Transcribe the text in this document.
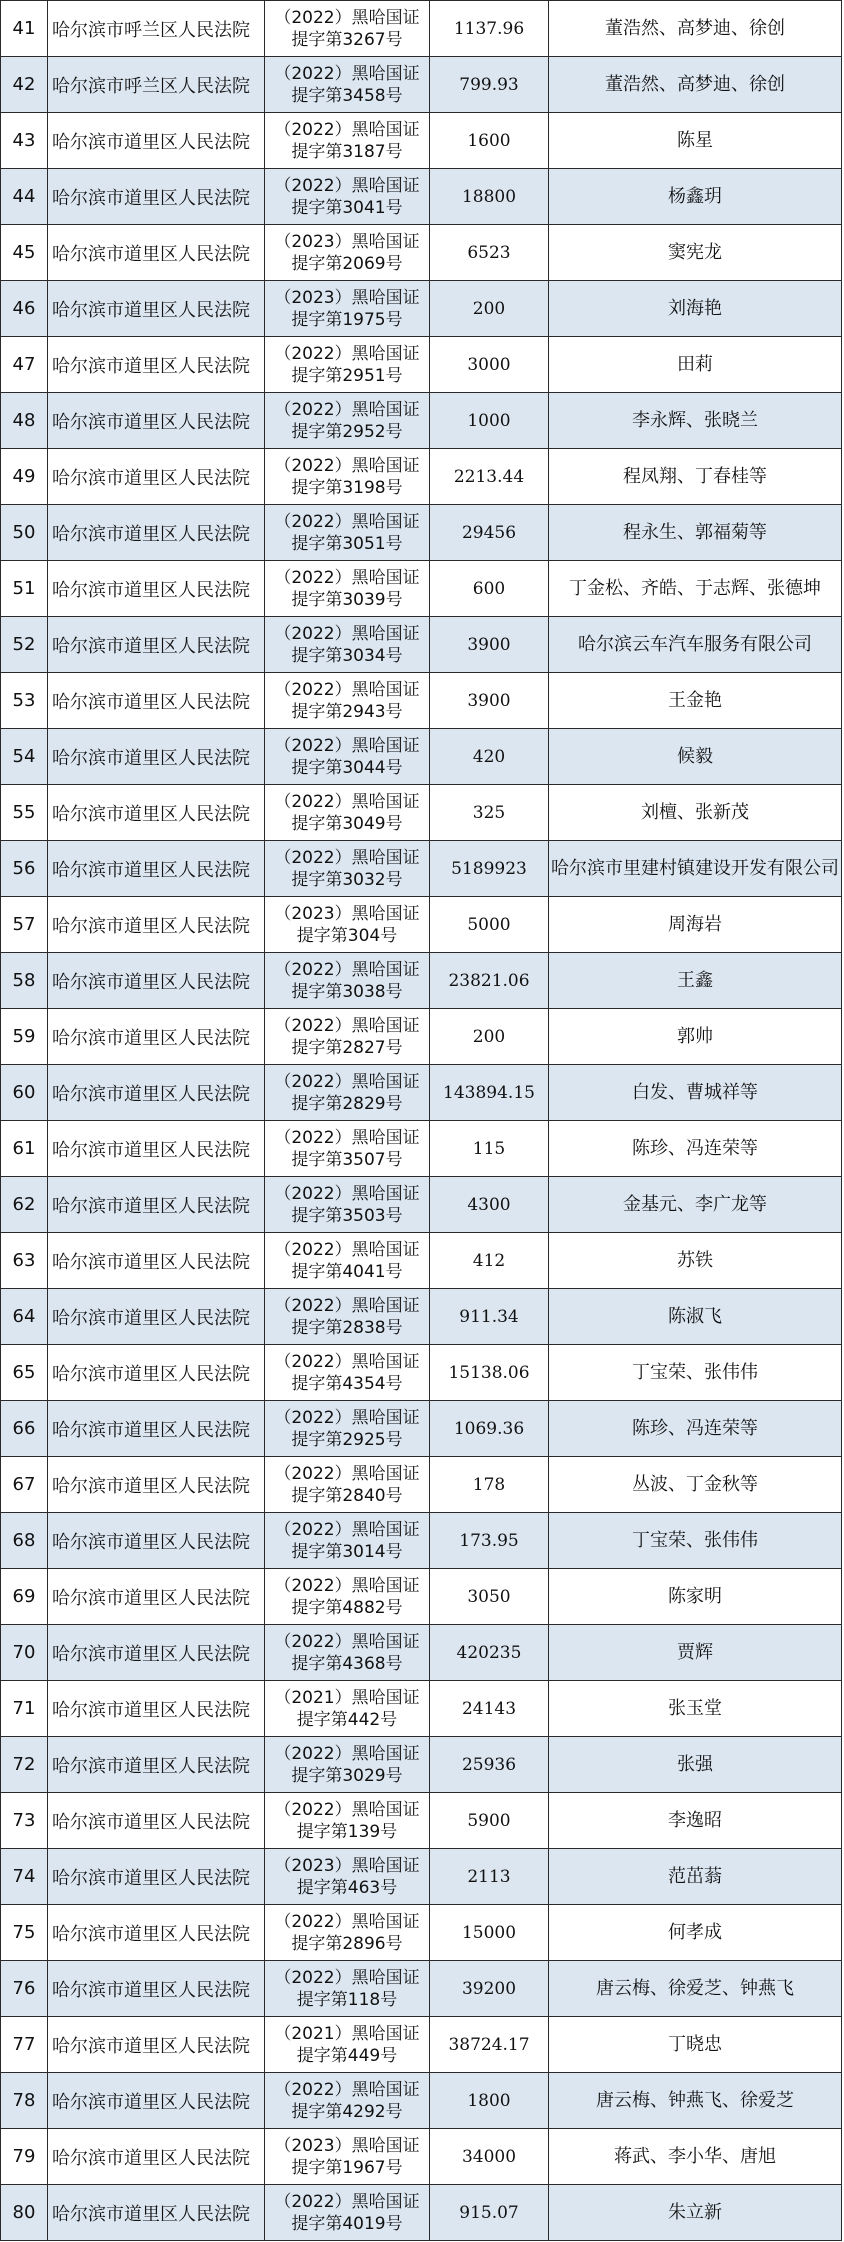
41	哈尔滨市呼兰区人民法院	（2022）黑哈国证
提字第3267号	1137.96	董浩然、高梦迪、徐创
42	哈尔滨市呼兰区人民法院	（2022）黑哈国证
提字第3458号	799.93	董浩然、高梦迪、徐创
43	哈尔滨市道里区人民法院	（2022）黑哈国证
提字第3187号	1600	陈星
44	哈尔滨市道里区人民法院	（2022）黑哈国证
提字第3041号	18800	杨鑫玥
45	哈尔滨市道里区人民法院	（2023）黑哈国证
提字第2069号	6523	窦宪龙
46	哈尔滨市道里区人民法院	（2023）黑哈国证
提字第1975号	200	刘海艳
47	哈尔滨市道里区人民法院	（2022）黑哈国证
提字第2951号	3000	田莉
48	哈尔滨市道里区人民法院	（2022）黑哈国证
提字第2952号	1000	李永辉、张晓兰
49	哈尔滨市道里区人民法院	（2022）黑哈国证
提字第3198号	2213.44	程凤翔、丁春桂等
50	哈尔滨市道里区人民法院	（2022）黑哈国证
提字第3051号	29456	程永生、郭福菊等
51	哈尔滨市道里区人民法院	（2022）黑哈国证
提字第3039号	600	丁金松、齐皓、于志辉、张德坤
52	哈尔滨市道里区人民法院	（2022）黑哈国证
提字第3034号	3900	哈尔滨云车汽车服务有限公司
53	哈尔滨市道里区人民法院	（2022）黑哈国证
提字第2943号	3900	王金艳
54	哈尔滨市道里区人民法院	（2022）黑哈国证
提字第3044号	420	候毅
55	哈尔滨市道里区人民法院	（2022）黑哈国证
提字第3049号	325	刘檀、张新茂
56	哈尔滨市道里区人民法院	（2022）黑哈国证
提字第3032号	5189923	哈尔滨市里建村镇建设开发有限公司
57	哈尔滨市道里区人民法院	（2023）黑哈国证
提字第304号	5000	周海岩
58	哈尔滨市道里区人民法院	（2022）黑哈国证
提字第3038号	23821.06	王鑫
59	哈尔滨市道里区人民法院	（2022）黑哈国证
提字第2827号	200	郭帅
60	哈尔滨市道里区人民法院	（2022）黑哈国证
提字第2829号	143894.15	白发、曹城祥等
61	哈尔滨市道里区人民法院	（2022）黑哈国证
提字第3507号	115	陈珍、冯连荣等
62	哈尔滨市道里区人民法院	（2022）黑哈国证
提字第3503号	4300	金基元、李广龙等
63	哈尔滨市道里区人民法院	（2022）黑哈国证
提字第4041号	412	苏铁
64	哈尔滨市道里区人民法院	（2022）黑哈国证
提字第2838号	911.34	陈淑飞
65	哈尔滨市道里区人民法院	（2022）黑哈国证
提字第4354号	15138.06	丁宝荣、张伟伟
66	哈尔滨市道里区人民法院	（2022）黑哈国证
提字第2925号	1069.36	陈珍、冯连荣等
67	哈尔滨市道里区人民法院	（2022）黑哈国证
提字第2840号	178	丛波、丁金秋等
68	哈尔滨市道里区人民法院	（2022）黑哈国证
提字第3014号	173.95	丁宝荣、张伟伟
69	哈尔滨市道里区人民法院	（2022）黑哈国证
提字第4882号	3050	陈家明
70	哈尔滨市道里区人民法院	（2022）黑哈国证
提字第4368号	420235	贾辉
71	哈尔滨市道里区人民法院	（2021）黑哈国证
提字第442号	24143	张玉堂
72	哈尔滨市道里区人民法院	（2022）黑哈国证
提字第3029号	25936	张强
73	哈尔滨市道里区人民法院	（2022）黑哈国证
提字第139号	5900	李逸昭
74	哈尔滨市道里区人民法院	（2023）黑哈国证
提字第463号	2113	范茁蓊
75	哈尔滨市道里区人民法院	（2022）黑哈国证
提字第2896号	15000	何孝成
76	哈尔滨市道里区人民法院	（2022）黑哈国证
提字第118号	39200	唐云梅、徐爱芝、钟燕飞
77	哈尔滨市道里区人民法院	（2021）黑哈国证
提字第449号	38724.17	丁晓忠
78	哈尔滨市道里区人民法院	（2022）黑哈国证
提字第4292号	1800	唐云梅、钟燕飞、徐爱芝
79	哈尔滨市道里区人民法院	（2023）黑哈国证
提字第1967号	34000	蒋武、李小华、唐旭
80	哈尔滨市道里区人民法院	（2022）黑哈国证
提字第4019号	915.07	朱立新
